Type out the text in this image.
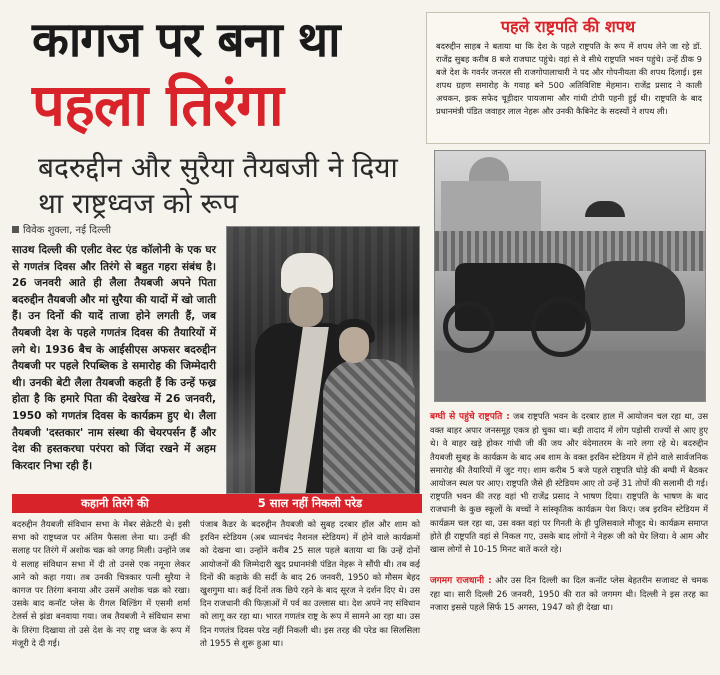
कागज पर बना था
पहला तिरंगा
बदरुद्दीन और सुरैया तैयबजी ने दिया था राष्ट्रध्वज को रूप
विवेक शुक्ला, नई दिल्ली
साउथ दिल्ली की एलीट वेस्ट एंड कॉलोनी के एक घर से गणतंत्र दिवस और तिरंगे से बहुत गहरा संबंध है। 26 जनवरी आते ही लैला तैयबजी अपने पिता बदरुद्दीन तैयबजी और मां सुरैया की यादों में खो जाती हैं। उन दिनों की यादें ताजा होने लगती हैं, जब तैयबजी देश के पहले गणतंत्र दिवस की तैयारियों में लगे थे। 1936 बैच के आईसीएस अफसर बदरुद्दीन तैयबजी पर पहले रिपब्लिक डे समारोह की जिम्मेदारी थी। उनकी बेटी लैला तैयबजी कहती हैं कि उन्हें फख्र होता है कि हमारे पिता की देखरेख में 26 जनवरी, 1950 को गणतंत्र दिवस के कार्यक्रम हुए थे। लैला तैयबजी 'दस्तकार' नाम संस्था की चेयरपर्सन हैं और देश की हस्तकरघा परंपरा को जिंदा रखने में अहम किरदार निभा रही हैं।
कहानी तिरंगे की	5 साल नहीं निकली परेड
बदरुद्दीन तैयबजी संविधान सभा के मेंबर सेक्रेटरी थे। इसी सभा को राष्ट्रध्वज पर अंतिम फैसला लेना था। उन्हीं की सलाह पर तिरंगे में अशोक चक्र को जगह मिली। उन्होंने जब ये सलाह संविधान सभा में दी तो उनसे एक नमूना लेकर आने को कहा गया। तब उनकी चित्रकार पत्नी सुरैया ने कागज पर तिरंगा बनाया और उसमें अशोक चक्र को रखा। उसके बाद कनॉट प्लेस के रीगल बिल्डिंग में एसमी शर्मा टेलर्स से झंडा बनवाया गया। जब तैयबजी ने संविधान सभा के तिरंगा दिखाया तो उसे देश के नए राष्ट्र ध्वज के रूप में मंजूरी दे दी गई।
पंजाब कैडर के बदरुद्दीन तैयबजी को सुबह दरबार हॉल और शाम को इरविन स्टेडियम (अब ध्यानचंद नैशनल स्टेडियम) में होने वाले कार्यक्रमों को देखना था। उन्होंने करीब 25 साल पहले बताया था कि उन्हें दोनों आयोजनों की जिम्मेदारी खुद प्रधानमंत्री पंडित नेहरू ने सौंपी थी। तब कई दिनों की कड़ाके की सर्दी के बाद 26 जनवरी, 1950 को मौसम बेहद खुशगुमा था। कई दिनों तक छिपे रहने के बाद सूरज ने दर्शन दिए थे। उस दिन राजधानी की फिज़ाओं में पर्व का उल्लास था। देश अपने नए संविधान को लागू कर रहा था। भारत गणतंत्र राष्ट्र के रूप में सामने आ रहा था। उस दिन गणतंत्र दिवस परेड नहीं निकली थी। इस तरह की परेड का सिलसिला तो 1955 से शुरू हुआ था।
पहले राष्ट्रपति की शपथ
बदरुद्दीन साहब ने बताया था कि देश के पहले राष्ट्रपति के रूप में शपथ लेने जा रहे डॉ. राजेंद्र सुबह करीब 8 बजे राजघाट पहुंचे। वहां से वे सीधे राष्ट्रपति भवन पहुंचे। उन्हें ठीक 9 बजे देश के गवर्नर जनरल सी राजगोपालाचारी ने पद और गोपनीयता की शपथ दिलाई। इस शपथ ग्रहण समारोह के गवाह बने 500 अतिविशिष्ट मेहमान। राजेंद्र प्रसाद ने काली अचकन, झक सफेद चूड़ीदार पायजामा और गांधी टोपी पहनी हुई थी। राष्ट्रपति के बाद प्रधानमंत्री पंडित जवाहर लाल नेहरू और उनकी कैबिनेट के सदस्यों ने शपथ ली।
बग्घी से पहुंचे राष्ट्रपति : जब राष्ट्रपति भवन के दरबार हाल में आयोजन चल रहा था, उस वक्त बाहर अपार जनसमूह एकत्र हो चुका था। बड़ी तादाद में लोग पड़ोसी राज्यों से आए हुए थे। वे बाहर खड़े होकर गांधी जी की जय और वंदेमातरम के नारे लगा रहे थे। बदरुद्दीन तैयबजी सुबह के कार्यक्रम के बाद अब शाम के वक्त इरविन स्टेडियम में होने वाले सार्वजनिक समारोह की तैयारियों में जुट गए। शाम करीब 5 बजे पहले राष्ट्रपति घोड़े की बग्घी में बैठकर आयोजन स्थल पर आए। राष्ट्रपति जैसे ही स्टेडियम आए तो उन्हें 31 तोपों की सलामी दी गई। राष्ट्रपति भवन की तरह वहां भी राजेंद्र प्रसाद ने भाषण दिया। राष्ट्रपति के भाषण के बाद राजधानी के कुछ स्कूलों के बच्चों ने सांस्कृतिक कार्यक्रम पेश किए। जब इरविन स्टेडियम में कार्यक्रम चल रहा था, उस वक्त वहां पर गिनती के ही पुलिसवाले मौजूद थे। कार्यक्रम समाप्त होते ही राष्ट्रपति वहां से निकल गए, उसके बाद लोगों ने नेहरू जी को घेर लिया। वे आम और खास लोगों से 10-15 मिनट बातें करते रहे।
जगमग राजधानी : और उस दिन दिल्ली का दिल कनॉट प्लेस बेहतरीन सजावट से चमक रहा था। सारी दिल्ली 26 जनवरी, 1950 की रात को जगमग थी। दिल्ली ने इस तरह का नजारा इससे पहले सिर्फ 15 अगस्त, 1947 को ही देखा था।
